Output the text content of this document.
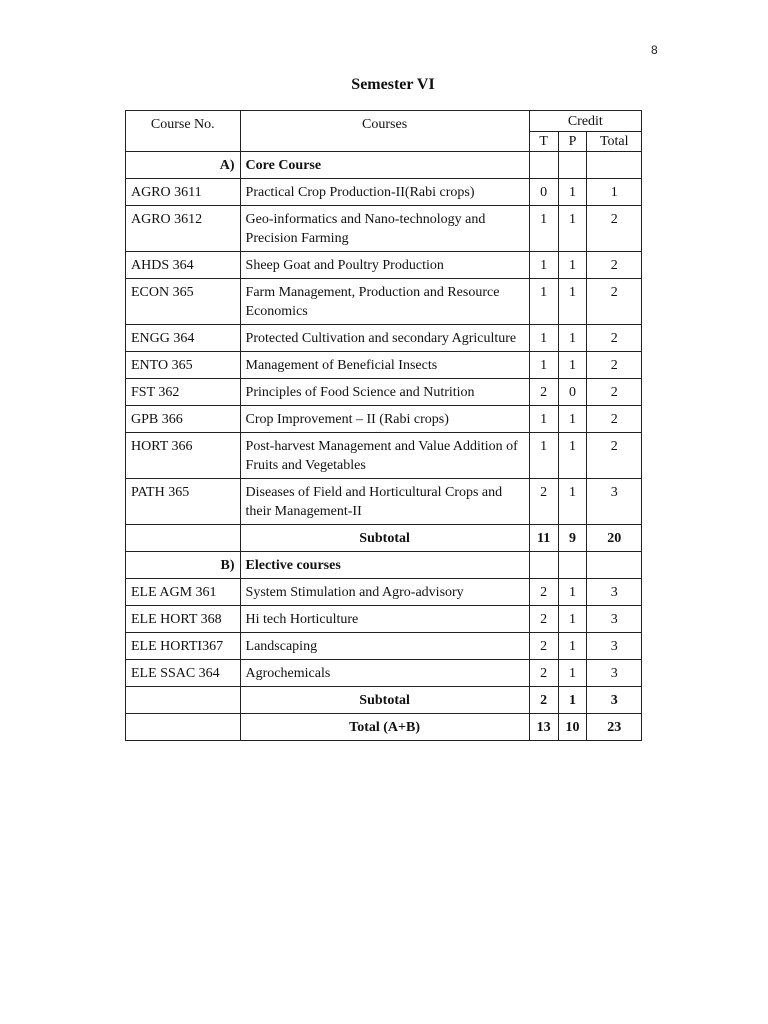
8
Semester VI
Course No.	Courses	Credit		
		T	P	Total
A)	Core Course			
AGRO 3611	Practical Crop Production-II(Rabi crops)	0	1	1
AGRO 3612	Geo-informatics and Nano-technology and Precision Farming	1	1	2
AHDS 364	Sheep Goat and Poultry Production	1	1	2
ECON 365	Farm Management, Production and Resource Economics	1	1	2
ENGG 364	Protected Cultivation and secondary Agriculture	1	1	2
ENTO 365	Management of Beneficial Insects	1	1	2
FST 362	Principles of Food Science and Nutrition	2	0	2
GPB 366	Crop Improvement – II (Rabi crops)	1	1	2
HORT 366	Post-harvest Management and Value Addition of Fruits and Vegetables	1	1	2
PATH 365	Diseases of Field and Horticultural Crops and their Management-II	2	1	3
	Subtotal	11	9	20
B)	Elective courses			
ELE AGM 361	System Stimulation and Agro-advisory	2	1	3
ELE HORT 368	Hi tech Horticulture	2	1	3
ELE HORTI367	Landscaping	2	1	3
ELE SSAC 364	Agrochemicals	2	1	3
	Subtotal	2	1	3
	Total (A+B)	13	10	23
